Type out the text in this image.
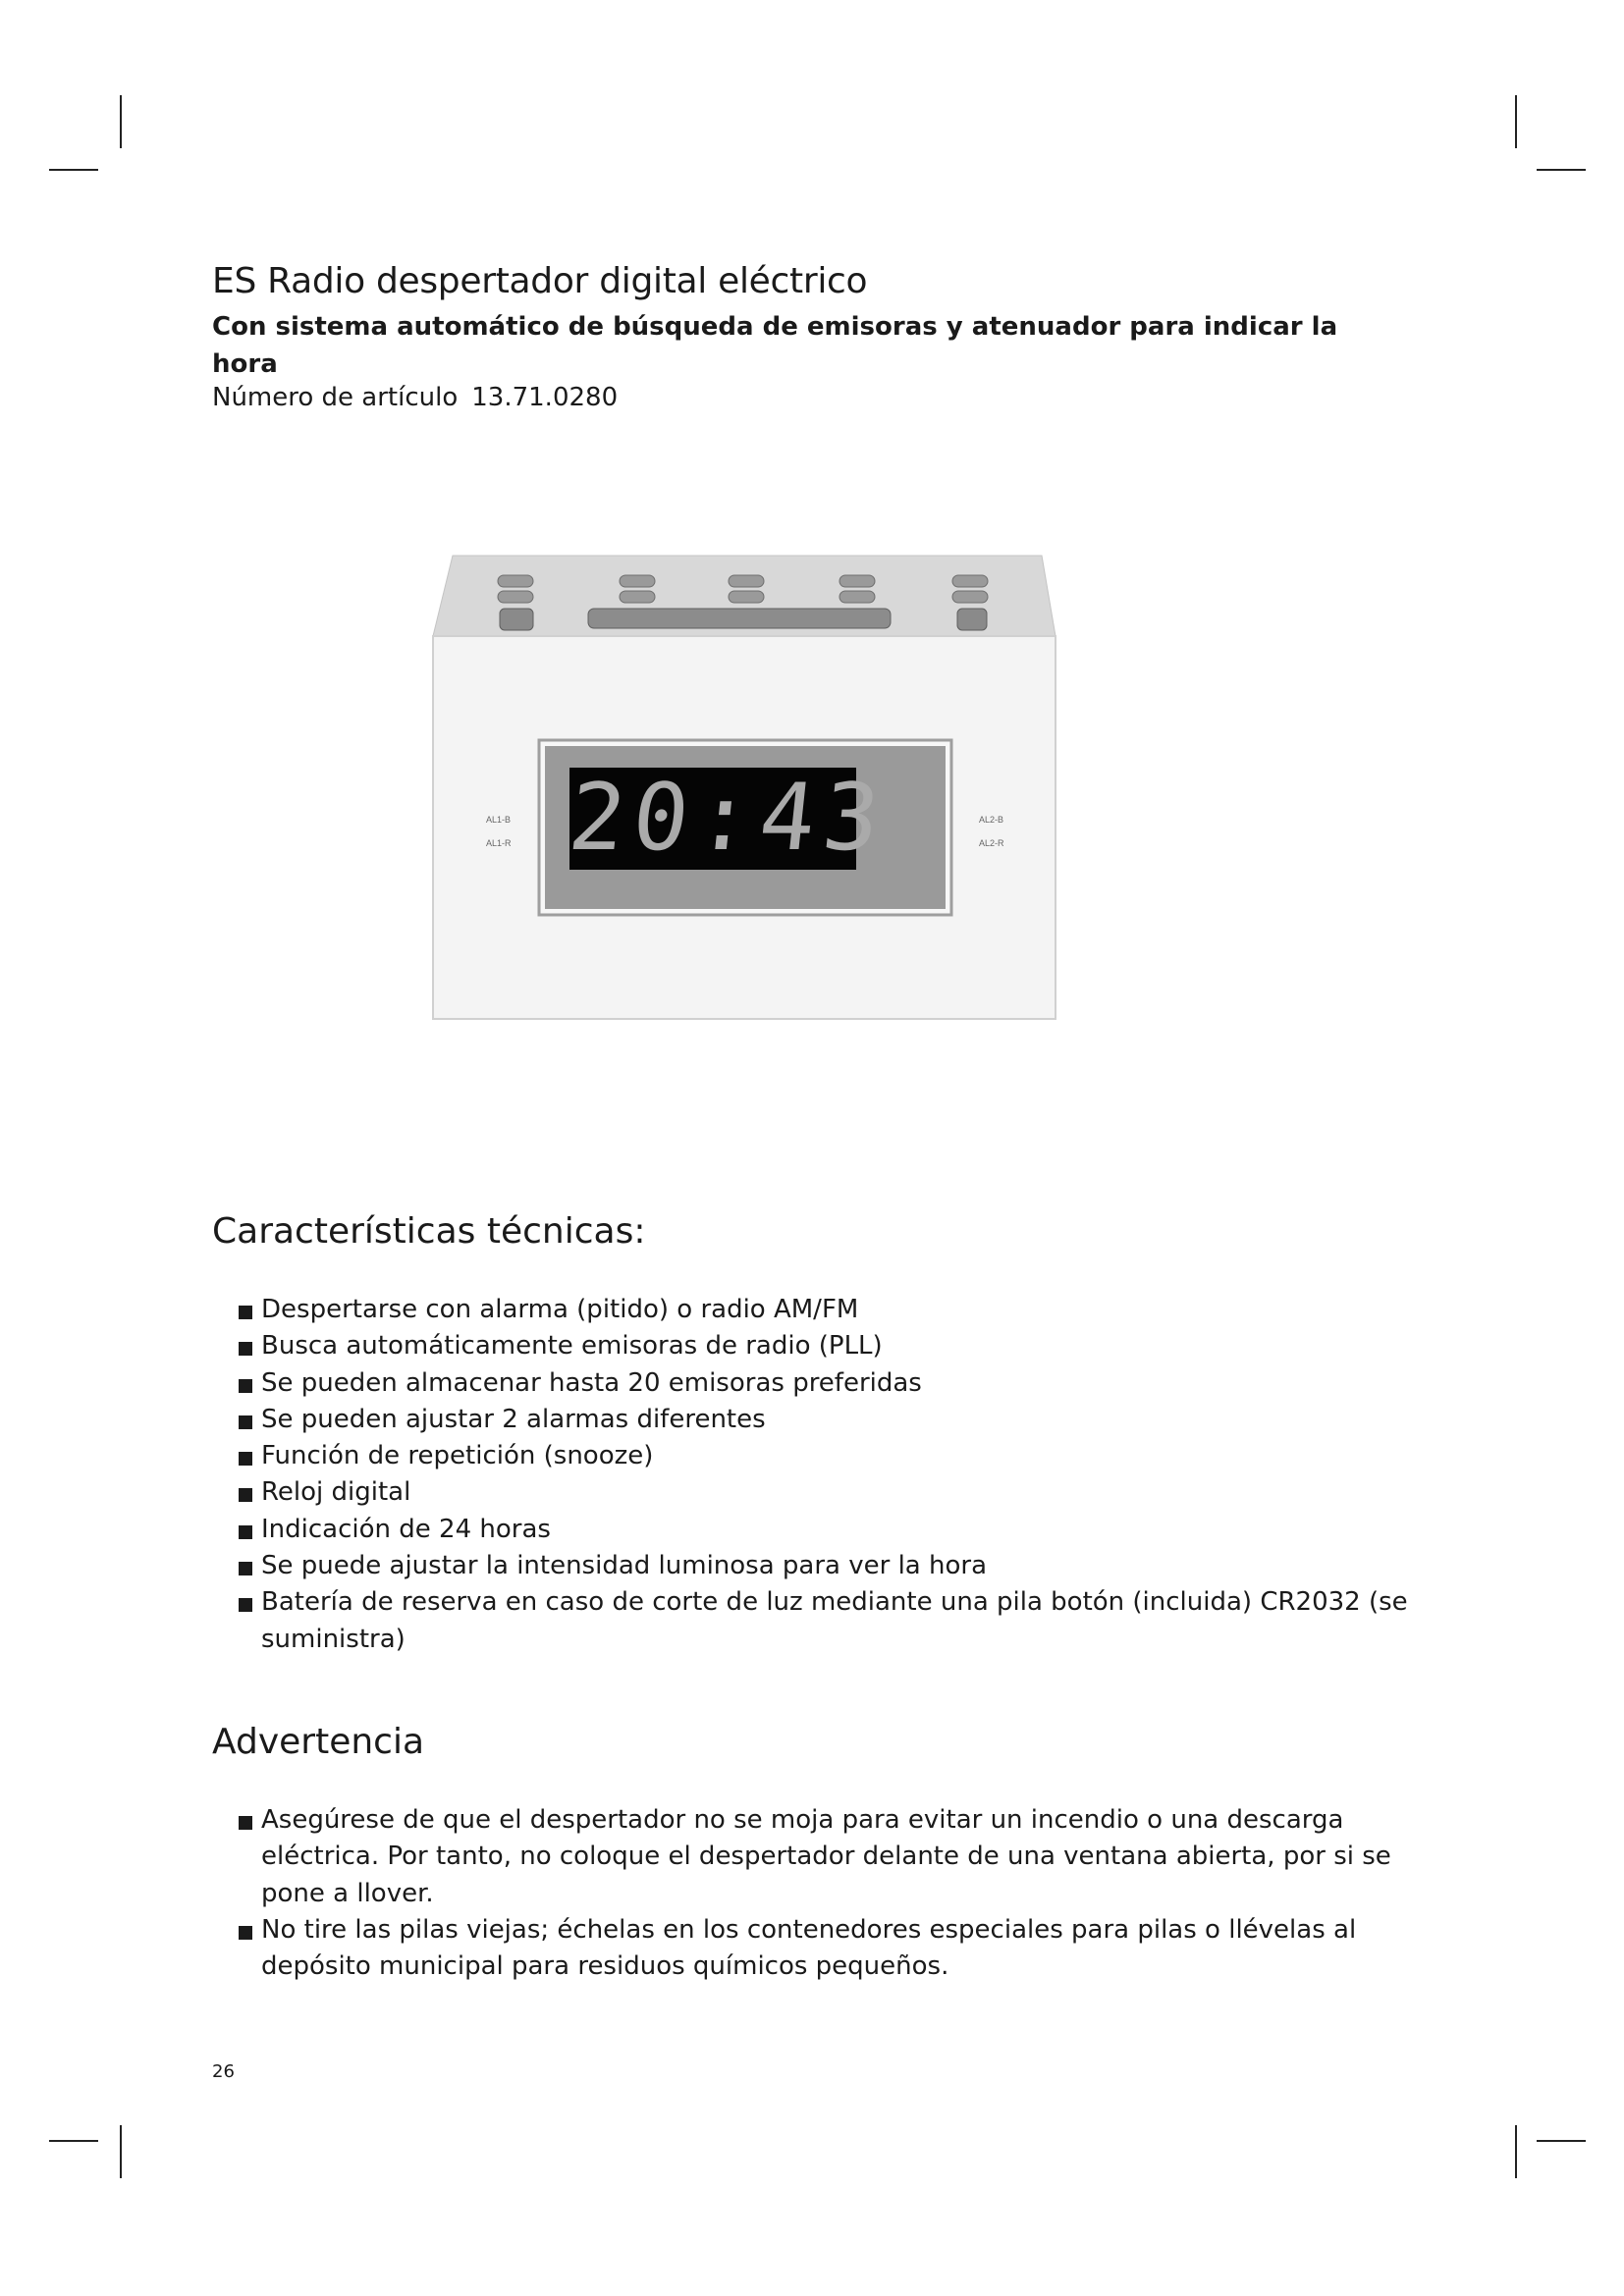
ES Radio despertador digital eléctrico
Con sistema automático de búsqueda de emisoras y atenuador para indicar la hora
Número de artículo 13.71.0280
20:43
AL1-B
AL1-R
AL2-B
AL2-R
Características técnicas:
Despertarse con alarma (pitido) o radio AM/FM
Busca automáticamente emisoras de radio (PLL)
Se pueden almacenar hasta 20 emisoras preferidas
Se pueden ajustar 2 alarmas diferentes
Función de repetición (snooze)
Reloj digital
Indicación de 24 horas
Se puede ajustar la intensidad luminosa para ver la hora
Batería de reserva en caso de corte de luz mediante una pila botón (incluida) CR2032 (se suministra)
Advertencia
Asegúrese de que el despertador no se moja para evitar un incendio o una descarga eléctrica. Por tanto, no coloque el despertador delante de una ventana abierta, por si se pone a llover.
No tire las pilas viejas; échelas en los contenedores especiales para pilas o llévelas al depósito municipal para residuos químicos pequeños.
26
